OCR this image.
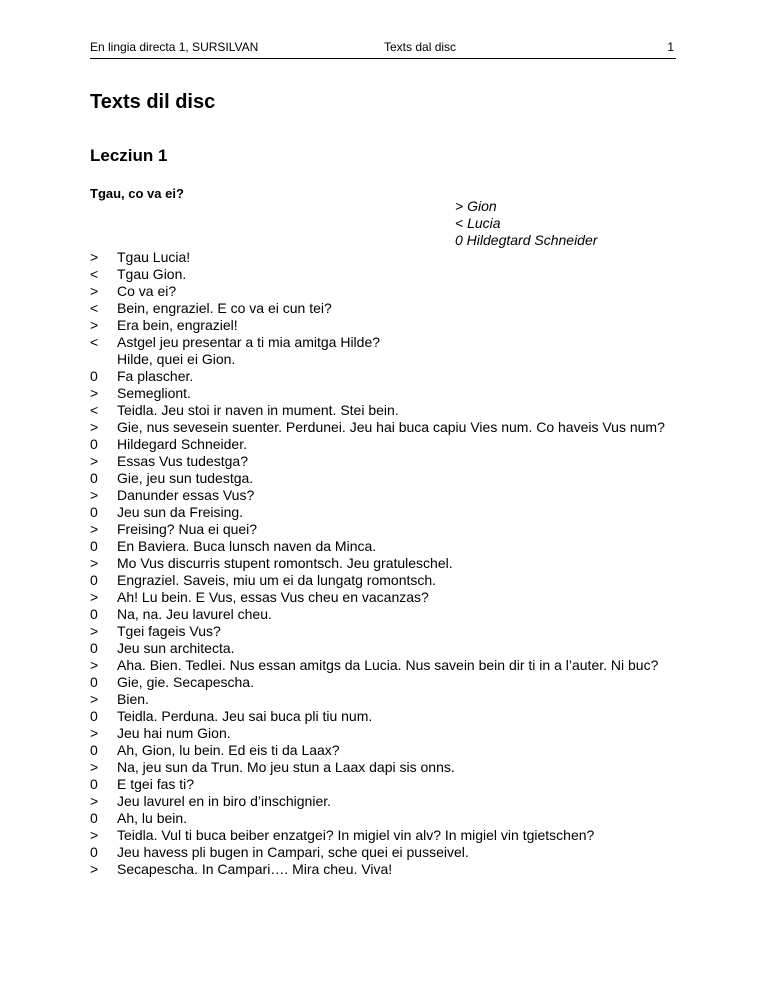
En lingia directa 1, SURSILVAN	Texts dal disc	1
Texts dil disc
Lecziun 1
Tgau, co va ei?
> Gion
< Lucia
0 Hildegtard Schneider
>	Tgau Lucia!
<	Tgau Gion.
>	Co va ei?
<	Bein, engraziel. E co va ei cun tei?
>	Era bein, engraziel!
<	Astgel jeu presentar a ti mia amitga Hilde?
Hilde, quei ei Gion.
0	Fa plascher.
>	Semegliont.
<	Teidla. Jeu stoi ir naven in mument. Stei bein.
>	Gie, nus sevesein suenter. Perdunei. Jeu hai buca capiu Vies num. Co haveis Vus num?
0	Hildegard Schneider.
>	Essas Vus tudestga?
0	Gie, jeu sun tudestga.
>	Danunder essas Vus?
0	Jeu sun da Freising.
>	Freising? Nua ei quei?
0	En Baviera. Buca lunsch naven da Minca.
>	Mo Vus discurris stupent romontsch. Jeu gratuleschel.
0	Engraziel. Saveis, miu um ei da lungatg romontsch.
>	Ah! Lu bein. E Vus, essas Vus cheu en vacanzas?
0	Na, na. Jeu lavurel cheu.
>	Tgei fageis Vus?
0	Jeu sun architecta.
>	Aha. Bien. Tedlei. Nus essan amitgs da Lucia. Nus savein bein dir ti in a l’auter. Ni buc?
0	Gie, gie. Secapescha.
>	Bien.
0	Teidla. Perduna. Jeu sai buca pli tiu num.
>	Jeu hai num Gion.
0	Ah, Gion, lu bein. Ed eis ti da Laax?
>	Na, jeu sun da Trun. Mo jeu stun a Laax dapi sis onns.
0	E tgei fas ti?
>	Jeu lavurel en in biro d’inschignier.
0	Ah, lu bein.
>	Teidla. Vul ti buca beiber enzatgei? In migiel vin alv? In migiel vin tgietschen?
0	Jeu havess pli bugen in Campari, sche quei ei pusseivel.
>	Secapescha. In Campari…. Mira cheu. Viva!
